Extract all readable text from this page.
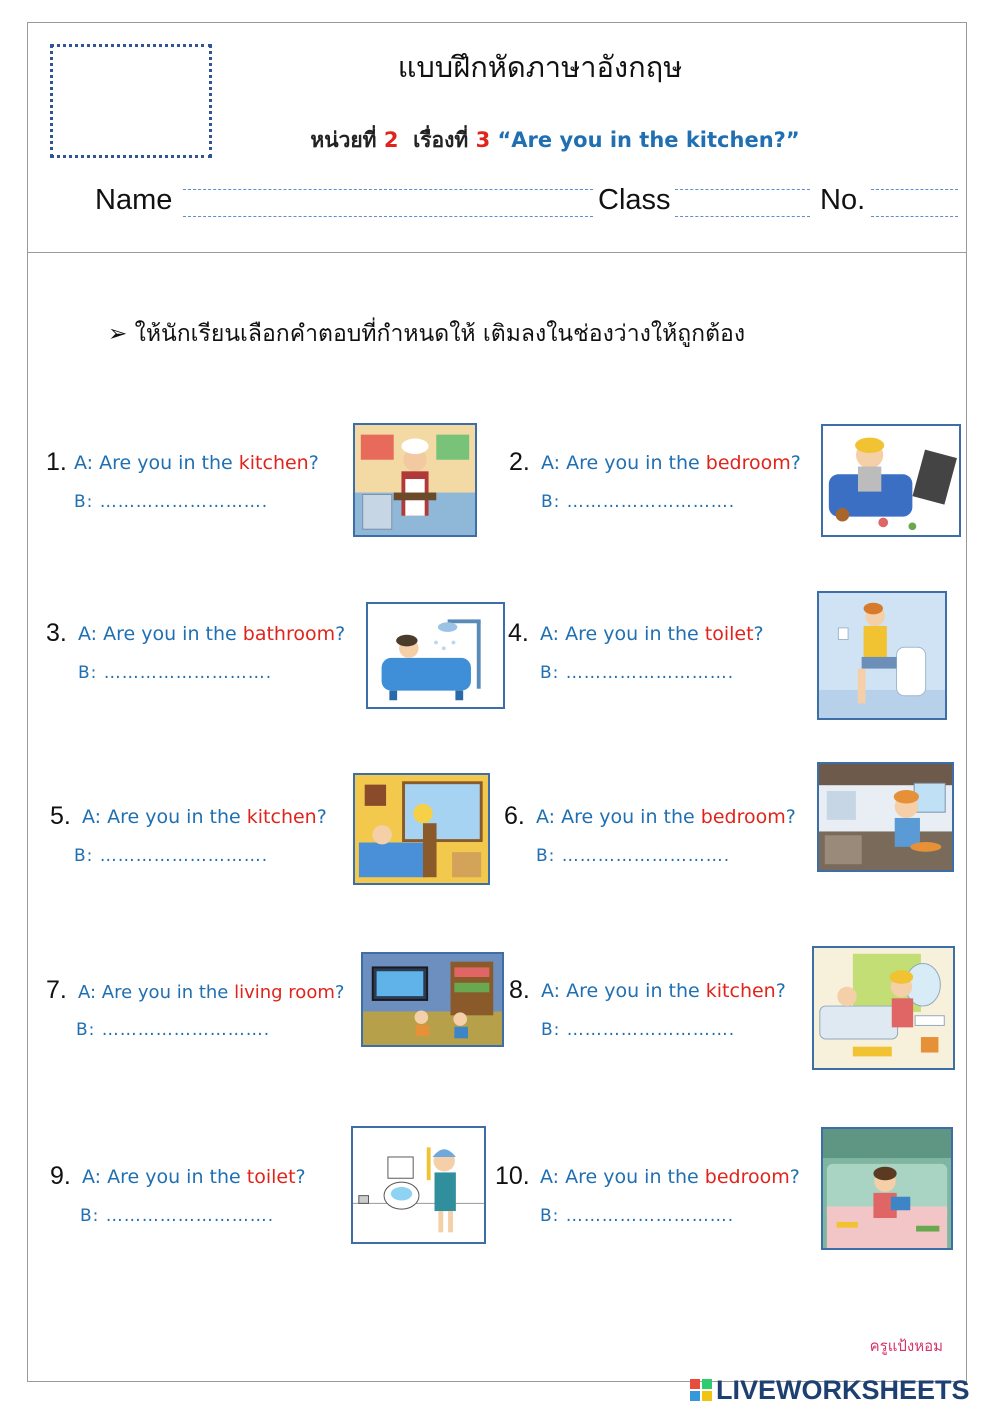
แบบฝึกหัดภาษาอังกฤษ
หน่วยที่ 2 เรื่องที่ 3 “Are you in the kitchen?”
Name	Class	No.
➢ ให้นักเรียนเลือกคำตอบที่กำหนดให้ เติมลงในช่องว่างให้ถูกต้อง
1. A: Are you in the kitchen?
B: ……………………….
2. A: Are you in the bedroom?
B: ……………………….
3. A: Are you in the bathroom?
B: ……………………….
4. A: Are you in the toilet?
B: ……………………….
5. A: Are you in the kitchen?
B: ……………………….
6. A: Are you in the bedroom?
B: ……………………….
7. A: Are you in the living room?
B: ……………………….
8. A: Are you in the kitchen?
B: ……………………….
9. A: Are you in the toilet?
B: ……………………….
10. A: Are you in the bedroom?
B: ……………………….
ครูแป้งหอม
LIVEWORKSHEETS
